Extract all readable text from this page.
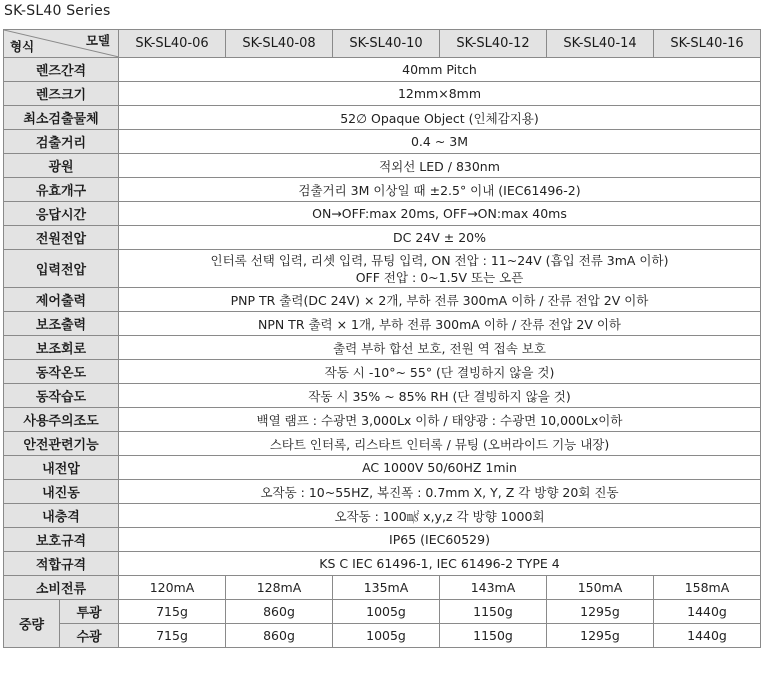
SK-SL40 Series
형식 모델		SK-SL40-06	SK-SL40-08	SK-SL40-10	SK-SL40-12	SK-SL40-14	SK-SL40-16
렌즈간격		40mm Pitch					
렌즈크기		12mm×8mm					
최소검출물체		52∅ Opaque Object (인체감지용)					
검출거리		0.4 ~ 3M					
광원		적외선 LED / 830nm					
유효개구		검출거리 3M 이상일 때 ±2.5° 이내 (IEC61496-2)					
응답시간		ON→OFF:max 20ms, OFF→ON:max 40ms					
전원전압		DC 24V ± 20%					
입력전압		인터록 선택 입력, 리셋 입력, 뮤팅 입력, ON 전압 : 11~24V (흡입 전류 3mA 이하)
OFF 전압 : 0~1.5V 또는 오픈					

제어출력		PNP TR 출력(DC 24V) × 2개, 부하 전류 300mA 이하 / 잔류 전압 2V 이하					
보조출력		NPN TR 출력 × 1개, 부하 전류 300mA 이하 / 잔류 전압 2V 이하					
보조회로		출력 부하 합선 보호, 전원 역 접속 보호					
동작온도		작동 시 -10°~ 55° (단 결빙하지 않을 것)					
동작습도		작동 시 35% ~ 85% RH (단 결빙하지 않을 것)					
사용주의조도		백열 램프 : 수광면 3,000Lx 이하 / 태양광 : 수광면 10,000Lx이하					
안전관련기능		스타트 인터록, 리스타트 인터록 / 뮤팅 (오버라이드 기능 내장)					
내전압		AC 1000V 50/60HZ 1min					
내진동		오작동 : 10~55HZ, 복진폭 : 0.7mm X, Y, Z 각 방향 20회 진동					
내충격		오작동 : 100㎨ x,y,z 각 방향 1000회					
보호규격		IP65 (IEC60529)					
적합규격		KS C IEC 61496-1, IEC 61496-2 TYPE 4					
소비전류		120mA	128mA	135mA	143mA	150mA	158mA
중량	투광	715g	860g	1005g	1150g	1295g	1440g
	수광	715g	860g	1005g	1150g	1295g	1440g
